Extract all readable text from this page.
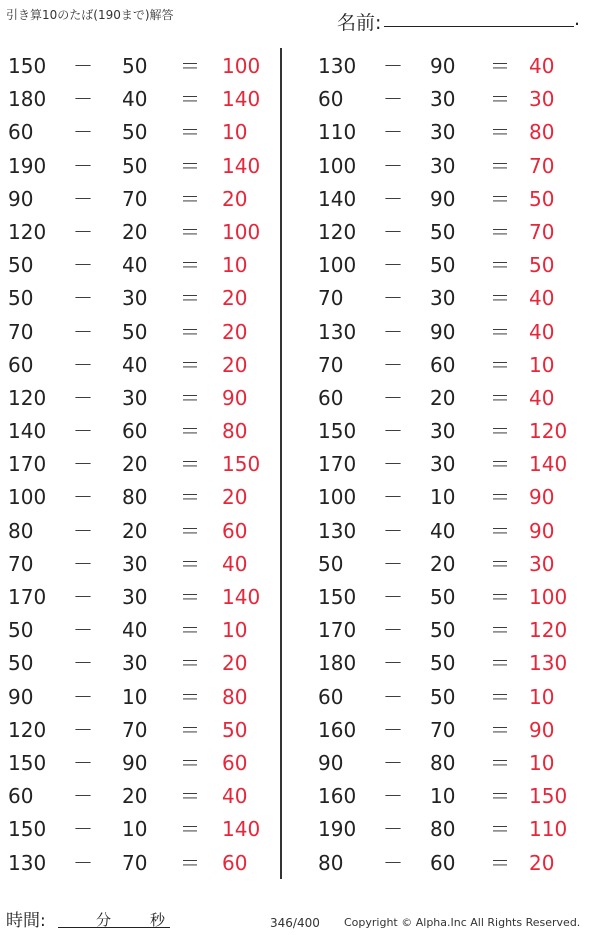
引き算10のたば(190まで)解答	名前:	.
150	－ 50 ＝ 100
180	－ 40 ＝ 140
60	－ 50 ＝ 10
190	－ 50 ＝ 140
90	－ 70 ＝ 20
120	－ 20 ＝ 100
50	－ 40 ＝ 10
50	－ 30 ＝ 20
70	－ 50 ＝ 20
60	－ 40 ＝ 20
120	－ 30 ＝ 90
140	－ 60 ＝ 80
170	－ 20 ＝ 150
100	－ 80 ＝ 20
80	－ 20 ＝ 60
70	－ 30 ＝ 40
170	－ 30 ＝ 140
50	－ 40 ＝ 10
50	－ 30 ＝ 20
90	－ 10 ＝ 80
120	－ 70 ＝ 50
150	－ 90 ＝ 60
60	－ 20 ＝ 40
150	－ 10 ＝ 140
130	－ 70 ＝ 60
130	－ 90 ＝ 40
60	－ 30 ＝ 30
110	－ 30 ＝ 80
100	－ 30 ＝ 70
140	－ 90 ＝ 50
120	－ 50 ＝ 70
100	－ 50 ＝ 50
70	－ 30 ＝ 40
130	－ 90 ＝ 40
70	－ 60 ＝ 10
60	－ 20 ＝ 40
150	－ 30 ＝ 120
170	－ 30 ＝ 140
100	－ 10 ＝ 90
130	－ 40 ＝ 90
50	－ 20 ＝ 30
150	－ 50 ＝ 100
170	－ 50 ＝ 120
180	－ 50 ＝ 130
60	－ 50 ＝ 10
160	－ 70 ＝ 90
90	－ 80 ＝ 10
160	－ 10 ＝ 150
190	－ 80 ＝ 110
80	－ 60 ＝ 20
時間:	分	秒	346/400 Copyright © Alpha.Inc All Rights Reserved.
